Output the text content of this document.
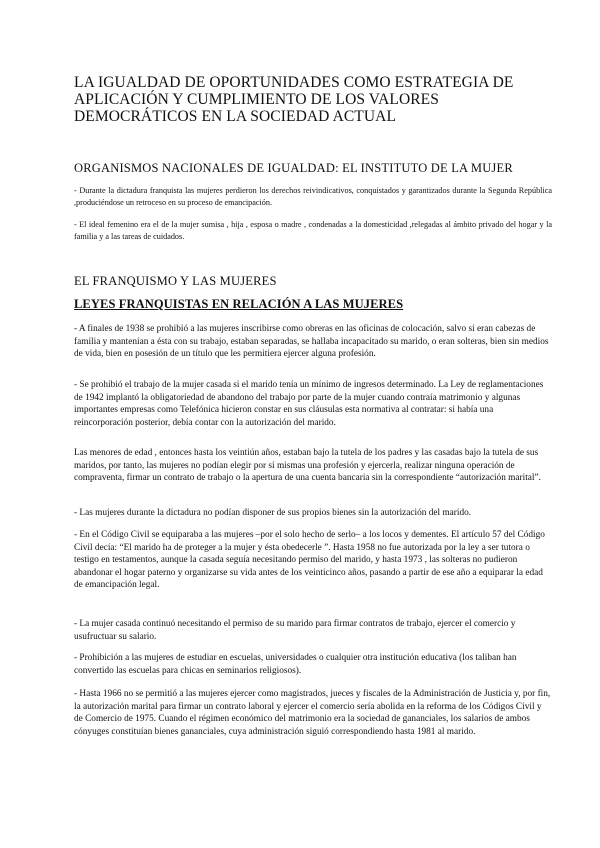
LA IGUALDAD DE OPORTUNIDADES COMO ESTRATEGIA DE APLICACIÓN Y CUMPLIMIENTO DE LOS VALORES DEMOCRÁTICOS EN LA SOCIEDAD ACTUAL
ORGANISMOS NACIONALES DE IGUALDAD: EL INSTITUTO DE LA MUJER

- Durante la dictadura franquista las mujeres perdieron los derechos reivindicativos, conquistados y garantizados durante la Segunda República ,produciéndose un retroceso en su proceso de emancipación.

- El ideal femenino era el de la mujer sumisa , hija , esposa o madre , condenadas a la domesticidad ,relegadas al ámbito privado del hogar y la familia y a las tareas de cuidados.

EL FRANQUISMO Y LAS MUJERES
LEYES FRANQUISTAS EN RELACIÓN A LAS MUJERES

- A finales de 1938 se prohibió a las mujeres inscribirse como obreras en las oficinas de colocación, salvo si eran cabezas de familia y mantenían a ésta con su trabajo, estaban separadas, se hallaba incapacitado su marido, o eran solteras, bien sin medios de vida, bien en posesión de un título que les permitiera ejercer alguna profesión.

- Se prohibió el trabajo de la mujer casada si el marido tenía un mínimo de ingresos determinado. La Ley de reglamentaciones de 1942 implantó la obligatoriedad de abandono del trabajo por parte de la mujer cuando contraía matrimonio y algunas importantes empresas como Telefónica hicieron constar en sus cláusulas esta normativa al contratar: si había una reincorporación posterior, debía contar con la autorización del marido.

Las menores de edad , entonces hasta los veintiún años, estaban bajo la tutela de los padres y las casadas bajo la tutela de sus maridos, por tanto, las mujeres no podían elegir por sí mismas una profesión y ejercerla, realizar ninguna operación de compraventa, firmar un contrato de trabajo o la apertura de una cuenta bancaria sin la correspondiente “autorización marital”.

- Las mujeres durante la dictadura no podían disponer de sus propios bienes sin la autorización del marido.

- En el Código Civil se equiparaba a las mujeres –por el solo hecho de serlo– a los locos y dementes. El artículo 57 del Código Civil decía: “El marido ha de proteger a la mujer y ésta obedecerle ”. Hasta 1958 no fue autorizada por la ley a ser tutora o testigo en testamentos, aunque la casada seguía necesitando permiso del marido, y hasta 1973 , las solteras no pudieron abandonar el hogar paterno y organizarse su vida antes de los veinticinco años, pasando a partir de ese año a equiparar la edad de emancipación legal.

- La mujer casada continuó necesitando el permiso de su marido para firmar contratos de trabajo, ejercer el comercio y usufructuar su salario.

- Prohibición a las mujeres de estudiar en escuelas, universidades o cualquier otra institución educativa (los taliban han convertido las escuelas para chicas en seminarios religiosos).

- Hasta 1966 no se permitió a las mujeres ejercer como magistrados, jueces y fiscales de la Administración de Justicia y, por fin, la autorización marital para firmar un contrato laboral y ejercer el comercio sería abolida en la reforma de los Códigos Civil y de Comercio de 1975. Cuando el régimen económico del matrimonio era la sociedad de gananciales, los salarios de ambos cónyuges constituían bienes gananciales, cuya administración siguió correspondiendo hasta 1981 al marido.
